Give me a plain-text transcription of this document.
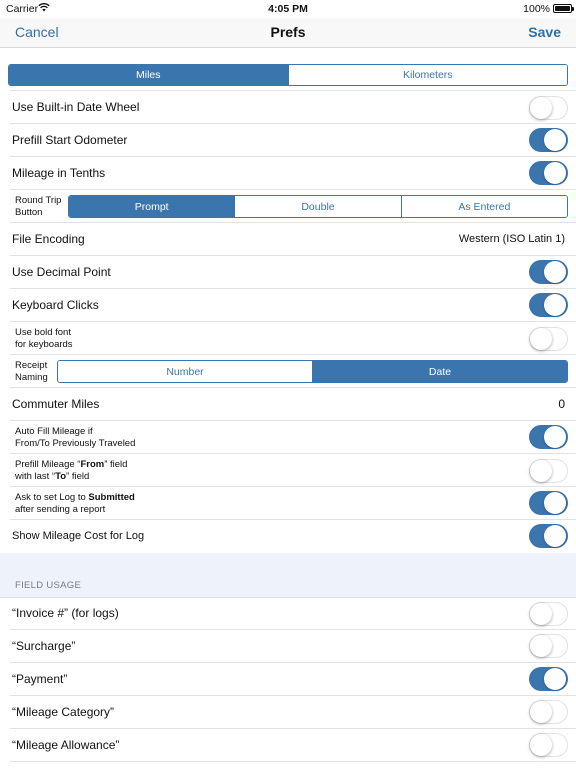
Carrier	4:05 PM	100%
Cancel	Prefs	Save
Miles	Kilometers
Use Built-in Date Wheel
Prefill Start Odometer
Mileage in Tenths
Round Trip
Button	Prompt	Double	As Entered
File Encoding	Western (ISO Latin 1)
Use Decimal Point
Keyboard Clicks
Use bold font
for keyboards
Receipt
Naming	Number	Date
Commuter Miles	0
Auto Fill Mileage if
From/To Previously Traveled
Prefill Mileage “From” field
with last “To” field
Ask to set Log to Submitted
after sending a report
Show Mileage Cost for Log
FIELD USAGE
“Invoice #” (for logs)
“Surcharge”
“Payment”
“Mileage Category”
“Mileage Allowance”
